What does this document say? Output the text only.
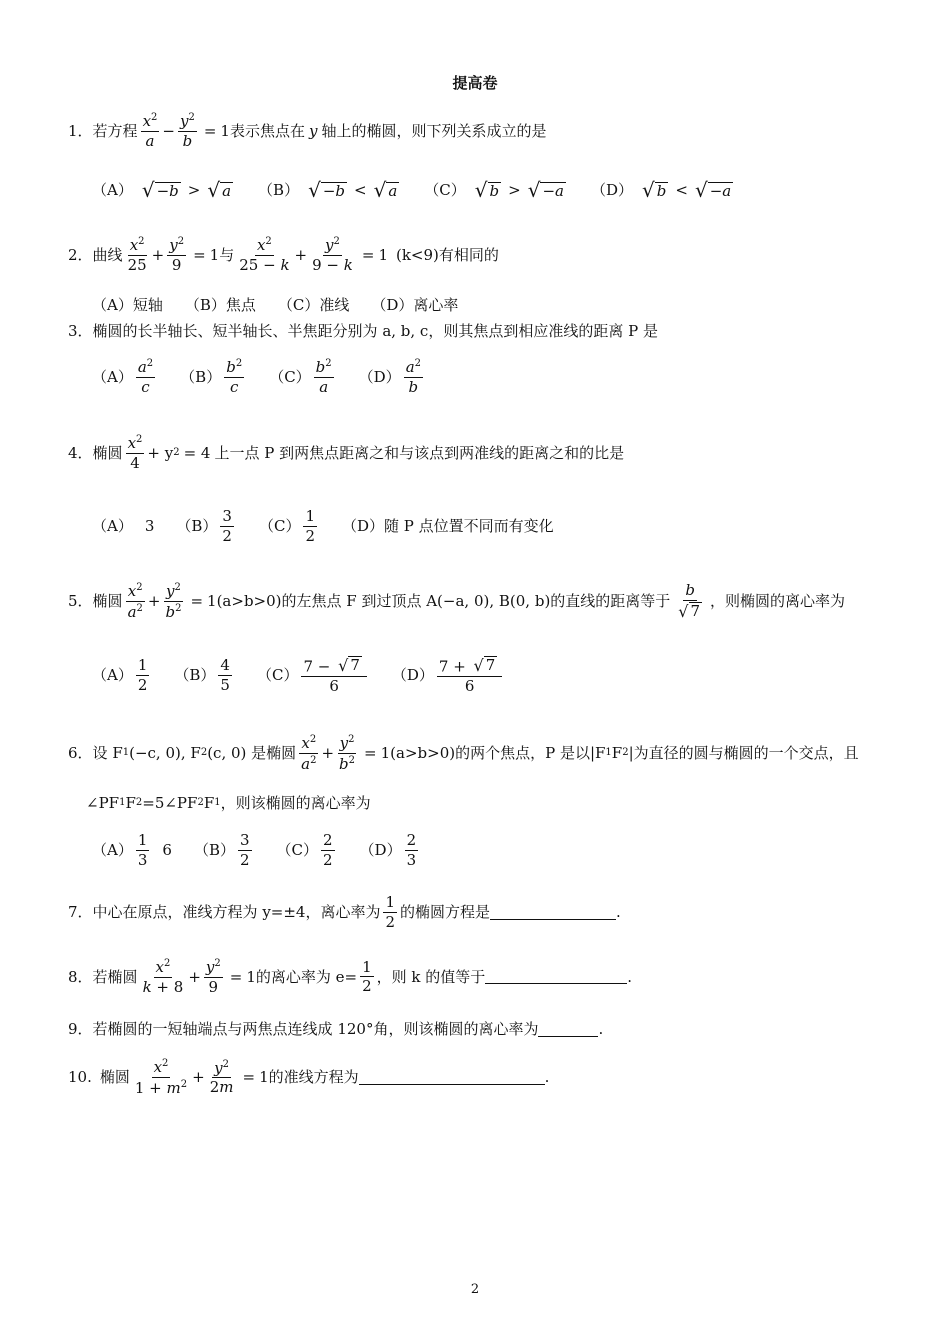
提高卷
1． 若方程 $\frac{x^2}{a} - \frac{y^2}{b} = 1$ 表示焦点在 y 轴上的椭圆，则下列关系成立的是
（A） √ −b > √ a （B） √ −b < √ a （C） √ b > √ −a （D） √ b < √ −a
2． 曲线 $\frac{x^2}{25} + \frac{y^2}{9} = 1$ 与 $\frac{x^2}{25 - k} + \frac{y^2}{9 - k} = 1$ (k<9)有相同的
（A）短轴 （B）焦点 （C）准线 （D）离心率
3． 椭圆的长半轴长、短半轴长、半焦距分别为 a, b, c，则其焦点到相应准线的距离 P 是
$(A) \frac{a^2}{c} (B) \frac{b^2}{c} (C) \frac{b^2}{a} (D) \frac{a^2}{b}$
4． 椭圆 $\frac{x^2}{4} + y$ 2 = 4 上一点 P 到两焦点距离之和与该点到两准线的距离之和的比是
（A） 3 $(B) \frac{3}{2} (C) \frac{1}{2} (D)$随 P 点位置不同而有变化
5． 椭圆 $\frac{x^2}{a^2} + \frac{y^2}{b^2} = 1$ (a>b>0)的左焦点 F 到过顶点 A(−a, 0), B(0, b)的直线的距离等于 $\frac{b}{√ 7}$ ，则椭圆的离心率为
$(A) \frac{1}{2} (B) \frac{4}{5} (C) \frac{7 - √ 7}{6} (D) \frac{7 + √ 7}{6}$
6． 设 F 1 (−c, 0), F 2 (c, 0) 是椭圆 $\frac{x^2}{a^2} + \frac{y^2}{b^2} = 1$ (a>b>0)的两个焦点，P 是以|F 1 F 2 |为直径的圆与椭圆的一个交点，且
∠PF 1 F 2 =5∠PF 2 F 1 ，则该椭圆的离心率为
$(A) \frac{1}{3} 6$ $(B) \frac{3}{2} (C) \frac{2}{2} (D) \frac{2}{3}$
7． 中心在原点，准线方程为 y=±4，离心率为 $\frac{1}{2}$ 的椭圆方程是	.
8． 若椭圆 $\frac{x^2}{k + 8} + \frac{y^2}{9} = 1$ 的离心率为 $e= \frac{1}{2}$ ，则 k 的值等于	.
9． 若椭圆的一短轴端点与两焦点连线成 120°角，则该椭圆的离心率为	.
10. 椭圆 $\frac{x^2}{1 + m^2} + \frac{y^2}{2m} = 1$ 的准线方程为	.
2
